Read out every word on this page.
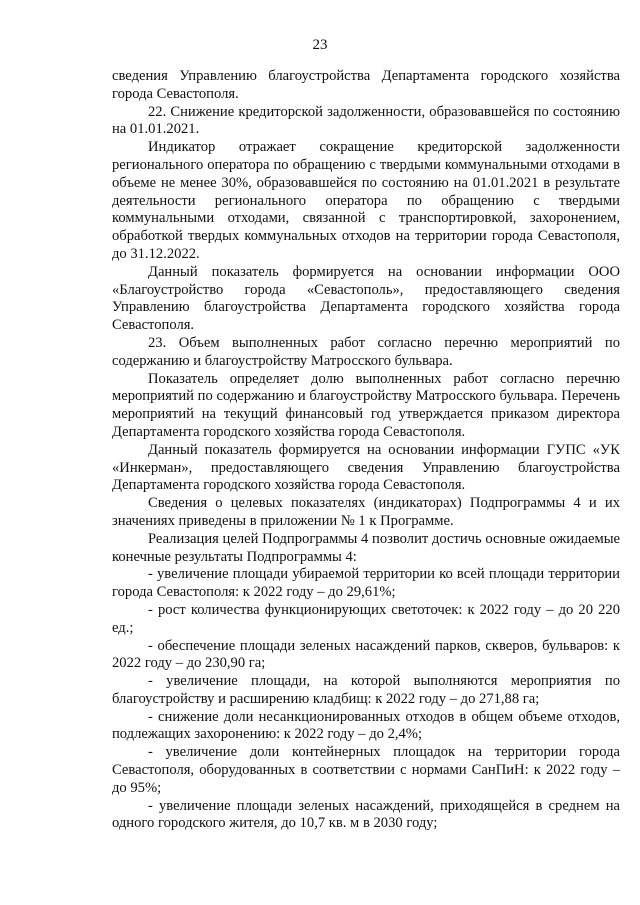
23

сведения Управлению благоустройства Департамента городского хозяйства города Севастополя.

22. Снижение кредиторской задолженности, образовавшейся по состоянию на 01.01.2021.

Индикатор отражает сокращение кредиторской задолженности регионального оператора по обращению с твердыми коммунальными отходами в объеме не менее 30%, образовавшейся по состоянию на 01.01.2021 в результате деятельности регионального оператора по обращению с твердыми коммунальными отходами, связанной с транспортировкой, захоронением, обработкой твердых коммунальных отходов на территории города Севастополя, до 31.12.2022.

Данный показатель формируется на основании информации ООО «Благоустройство города «Севастополь», предоставляющего сведения Управлению благоустройства Департамента городского хозяйства города Севастополя.

23. Объем выполненных работ согласно перечню мероприятий по содержанию и благоустройству Матросского бульвара.

Показатель определяет долю выполненных работ согласно перечню мероприятий по содержанию и благоустройству Матросского бульвара. Перечень мероприятий на текущий финансовый год утверждается приказом директора Департамента городского хозяйства города Севастополя.

Данный показатель формируется на основании информации ГУПС «УК «Инкерман», предоставляющего сведения Управлению благоустройства Департамента городского хозяйства города Севастополя.

Сведения о целевых показателях (индикаторах) Подпрограммы 4 и их значениях приведены в приложении № 1 к Программе.

Реализация целей Подпрограммы 4 позволит достичь основные ожидаемые конечные результаты Подпрограммы 4:

- увеличение площади убираемой территории ко всей площади территории города Севастополя: к 2022 году – до 29,61%;

- рост количества функционирующих светоточек: к 2022 году – до 20 220 ед.;

- обеспечение площади зеленых насаждений парков, скверов, бульваров: к 2022 году – до 230,90 га;

- увеличение площади, на которой выполняются мероприятия по благоустройству и расширению кладбищ: к 2022 году – до 271,88 га;

- снижение доли несанкционированных отходов в общем объеме отходов, подлежащих захоронению: к 2022 году – до 2,4%;

- увеличение доли контейнерных площадок на территории города Севастополя, оборудованных в соответствии с нормами СанПиН: к 2022 году – до 95%;

- увеличение площади зеленых насаждений, приходящейся в среднем на одного городского жителя, до 10,7 кв. м в 2030 году;
